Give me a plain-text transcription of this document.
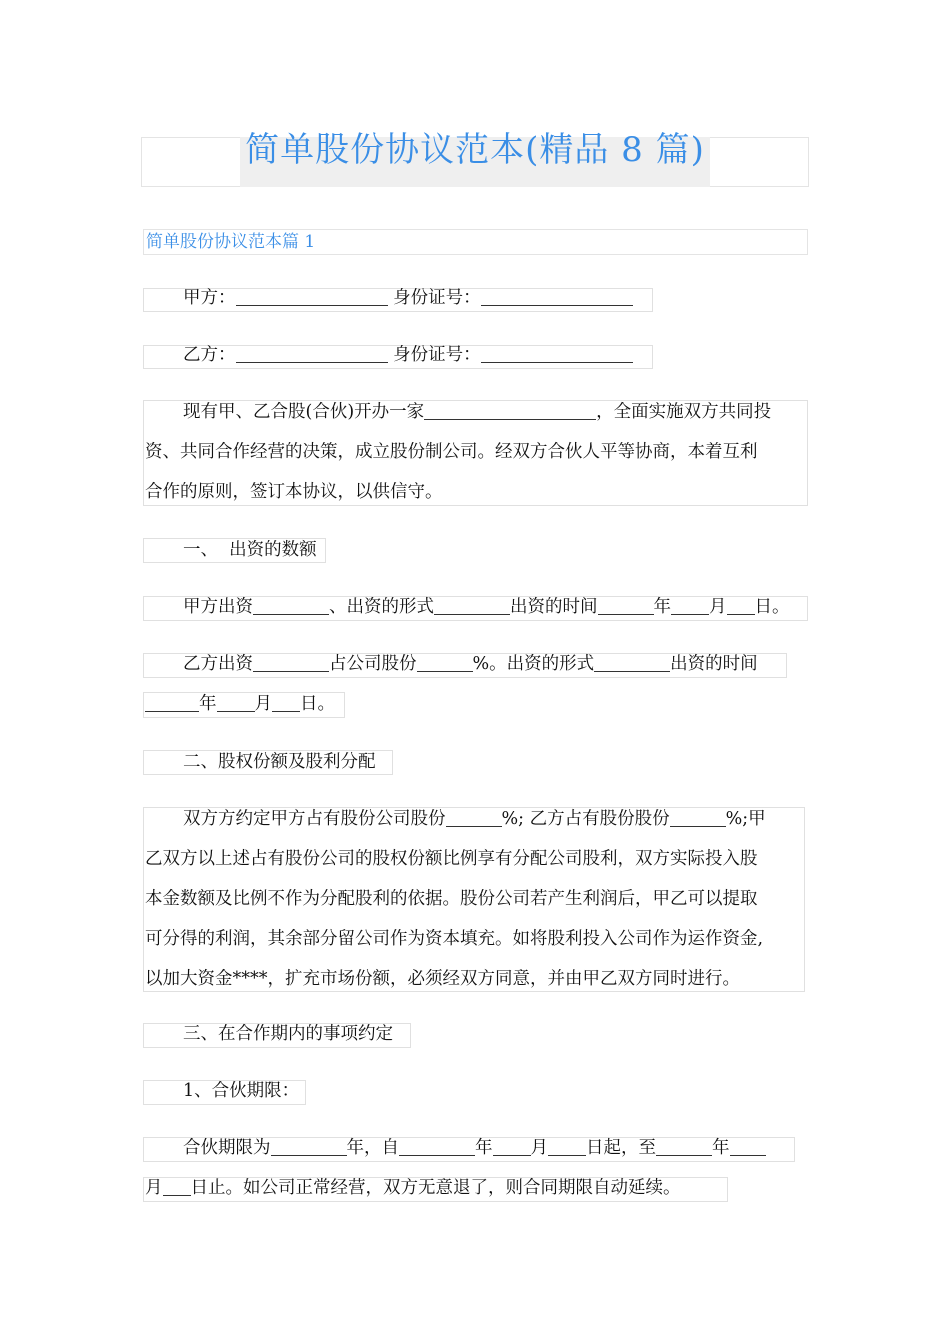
简单股份协议范本(精品 8 篇)
简单股份协议范本篇 1
甲方：	身份证号：
乙方：	身份证号：
现有甲、乙合股(合伙)开办一家	，全面实施双方共同投
资、共同合作经营的决策，成立股份制公司。经双方合伙人平等协商，本着互利
合作的原则，签订本协议，以供信守。
一、  出资的数额
甲方出资	、出资的形式	出资的时间	年 月 日。
乙方出资	占公司股份	%。出资的形式	出资的时间
年 月 日。
二、股权份额及股利分配
双方方约定甲方占有股份公司股份	%; 乙方占有股份股份	%;甲
乙双方以上述占有股份公司的股权份额比例享有分配公司股利，双方实际投入股
本金数额及比例不作为分配股利的依据。股份公司若产生利润后，甲乙可以提取
可分得的利润，其余部分留公司作为资本填充。如将股利投入公司作为运作资金,
以加大资金****，扩充市场份额，必须经双方同意，并由甲乙双方同时进行。
三、在合作期内的事项约定
1、合伙期限：
合伙期限为	年，自	年 月 日起，至	年
月 日止。如公司正常经营，双方无意退了，则合同期限自动延续。
